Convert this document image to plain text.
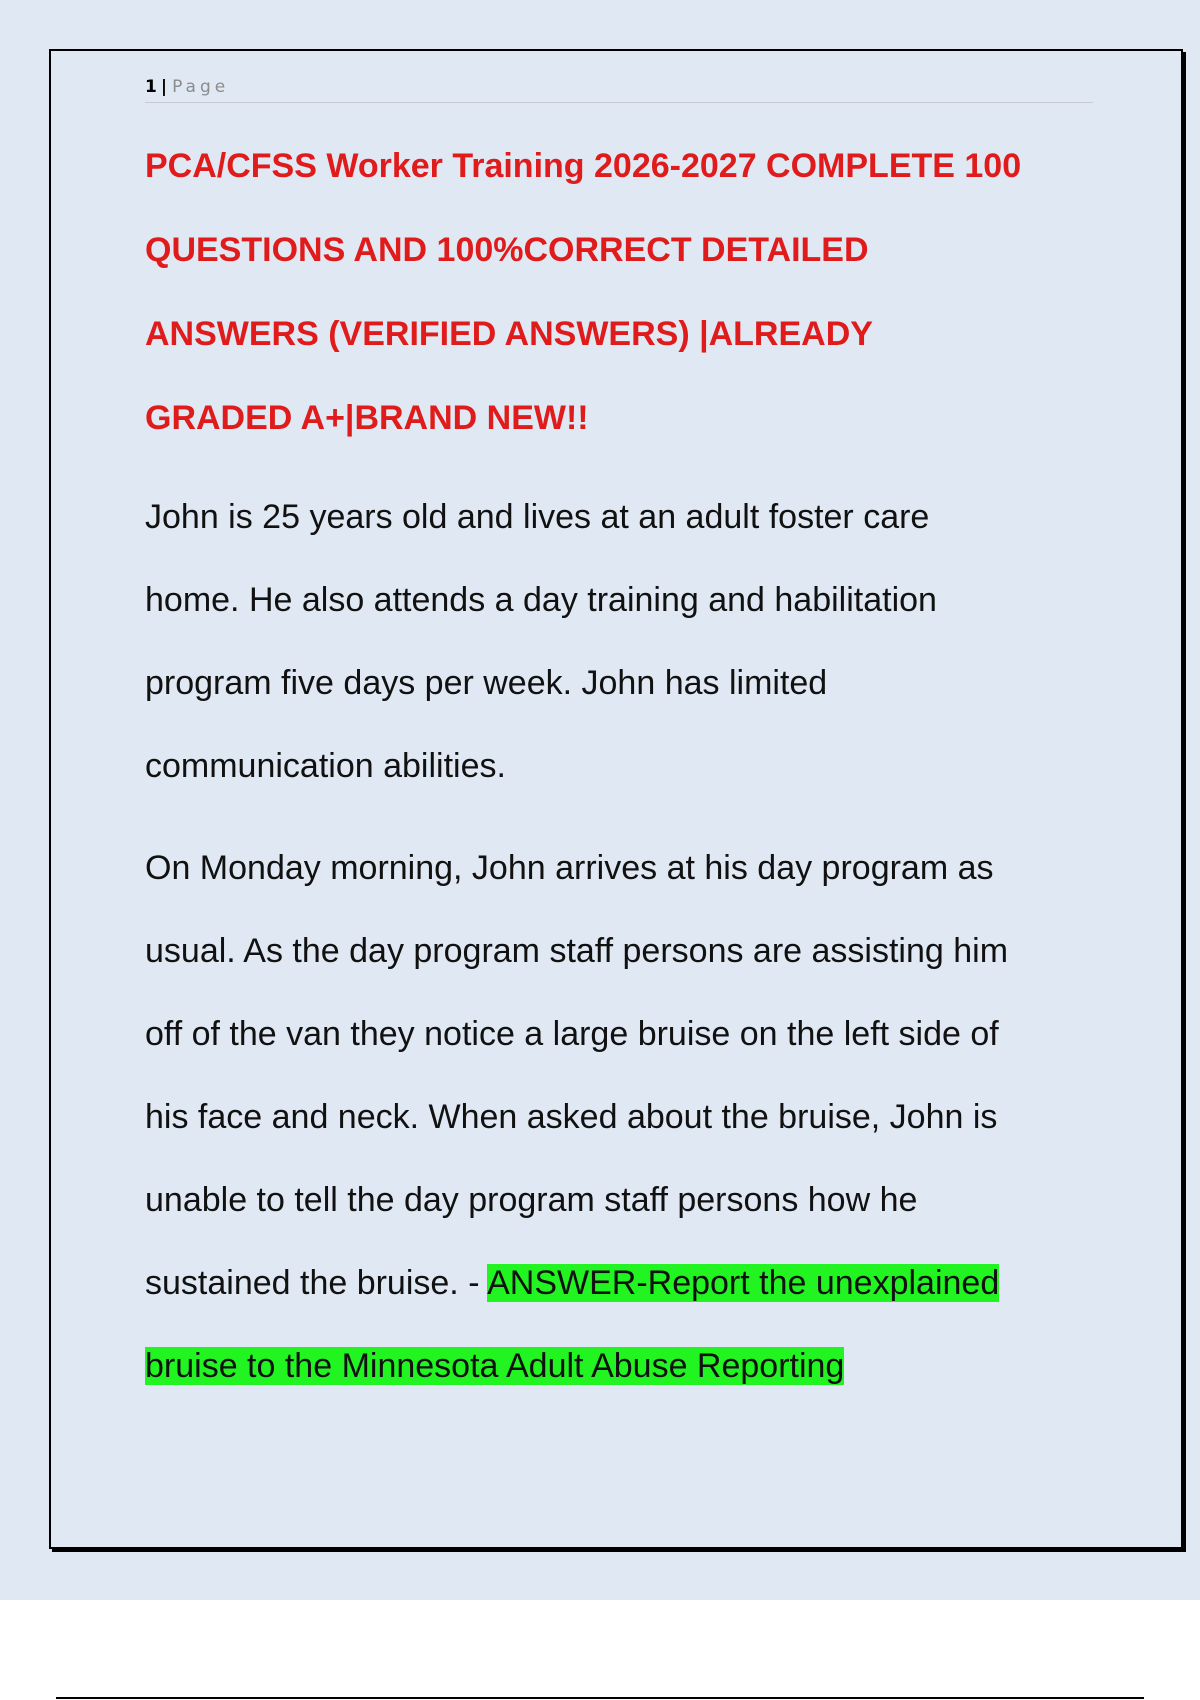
1 | Page
PCA/CFSS Worker Training 2026-2027 COMPLETE 100
QUESTIONS AND 100%CORRECT DETAILED
ANSWERS (VERIFIED ANSWERS) |ALREADY
GRADED A+|BRAND NEW!!

John is 25 years old and lives at an adult foster care
home. He also attends a day training and habilitation
program five days per week. John has limited
communication abilities.

On Monday morning, John arrives at his day program as
usual. As the day program staff persons are assisting him
off of the van they notice a large bruise on the left side of
his face and neck. When asked about the bruise, John is
unable to tell the day program staff persons how he
sustained the bruise. - ANSWER-Report the unexplained
bruise to the Minnesota Adult Abuse Reporting
